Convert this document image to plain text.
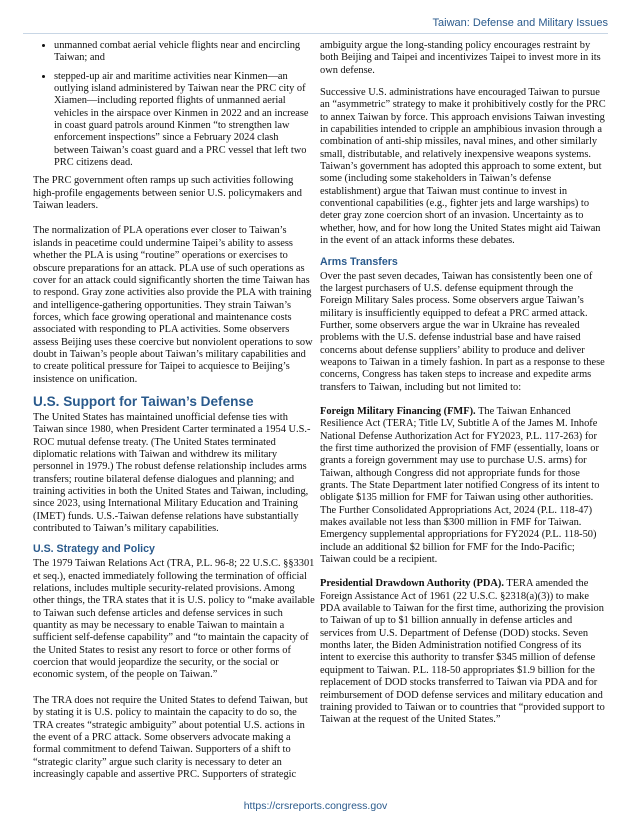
Taiwan: Defense and Military Issues
• unmanned combat aerial vehicle flights near and encircling Taiwan; and
• stepped-up air and maritime activities near Kinmen—an outlying island administered by Taiwan near the PRC city of Xiamen—including reported flights of unmanned aerial vehicles in the airspace over Kinmen in 2022 and an increase in coast guard patrols around Kinmen “to strengthen law enforcement inspections” since a February 2024 clash between Taiwan’s coast guard and a PRC vessel that left two PRC citizens dead.

The PRC government often ramps up such activities following high-profile engagements between senior U.S. policymakers and Taiwan leaders.

The normalization of PLA operations ever closer to Taiwan’s islands in peacetime could undermine Taipei’s ability to assess whether the PLA is using “routine” operations or exercises to obscure preparations for an attack. PLA use of such operations as cover for an attack could significantly shorten the time Taiwan has to respond. Gray zone activities also provide the PLA with training and intelligence-gathering opportunities. They strain Taiwan’s forces, which face growing operational and maintenance costs associated with responding to PLA activities. Some observers assess Beijing uses these coercive but nonviolent operations to sow doubt in Taiwan’s people about Taiwan’s military capabilities and to create political pressure for Taipei to acquiesce to Beijing’s insistence on unification.

U.S. Support for Taiwan’s Defense

The United States has maintained unofficial defense ties with Taiwan since 1980, when President Carter terminated a 1954 U.S.-ROC mutual defense treaty. (The United States terminated diplomatic relations with Taiwan and withdrew its military personnel in 1979.) The robust defense relationship includes arms transfers; routine bilateral defense dialogues and planning; and training activities in both the United States and Taiwan, including, since 2023, using International Military Education and Training (IMET) funds. U.S.-Taiwan defense relations have substantially contributed to Taiwan’s military capabilities.

U.S. Strategy and Policy

The 1979 Taiwan Relations Act (TRA, P.L. 96-8; 22 U.S.C. §§3301 et seq.), enacted immediately following the termination of official relations, includes multiple security-related provisions. Among other things, the TRA states that it is U.S. policy to “make available to Taiwan such defense articles and defense services in such quantity as may be necessary to enable Taiwan to maintain a sufficient self-defense capability” and “to maintain the capacity of the United States to resist any resort to force or other forms of coercion that would jeopardize the security, or the social or economic system, of the people on Taiwan.”

The TRA does not require the United States to defend Taiwan, but by stating it is U.S. policy to maintain the capacity to do so, the TRA creates “strategic ambiguity” about potential U.S. actions in the event of a PRC attack. Some observers advocate making a formal commitment to defend Taiwan. Supporters of a shift to “strategic clarity” argue such clarity is necessary to deter an increasingly capable and assertive PRC. Supporters of strategic

ambiguity argue the long-standing policy encourages restraint by both Beijing and Taipei and incentivizes Taipei to invest more in its own defense.

Successive U.S. administrations have encouraged Taiwan to pursue an “asymmetric” strategy to make it prohibitively costly for the PRC to annex Taiwan by force. This approach envisions Taiwan investing in capabilities intended to cripple an amphibious invasion through a combination of anti-ship missiles, naval mines, and other similarly small, distributable, and relatively inexpensive weapons systems. Taiwan’s government has adopted this approach to some extent, but some (including some stakeholders in Taiwan’s defense establishment) argue that Taiwan must continue to invest in conventional capabilities (e.g., fighter jets and large warships) to deter gray zone coercion short of an invasion. Uncertainty as to whether, how, and for how long the United States might aid Taiwan in the event of an attack informs these debates.

Arms Transfers

Over the past seven decades, Taiwan has consistently been one of the largest purchasers of U.S. defense equipment through the Foreign Military Sales process. Some observers argue Taiwan’s military is insufficiently equipped to defeat a PRC armed attack. Further, some observers argue the war in Ukraine has revealed problems with the U.S. defense industrial base and have raised concerns about defense suppliers’ ability to produce and deliver weapons to Taiwan in a timely fashion. In part as a response to these concerns, Congress has taken steps to increase and expedite arms transfers to Taiwan, including but not limited to:

Foreign Military Financing (FMF). The Taiwan Enhanced Resilience Act (TERA; Title LV, Subtitle A of the James M. Inhofe National Defense Authorization Act for FY2023, P.L. 117-263) for the first time authorized the provision of FMF (essentially, loans or grants a foreign government may use to purchase U.S. arms) for Taiwan, although Congress did not appropriate funds for those grants. The State Department later notified Congress of its intent to obligate $135 million for FMF for Taiwan using other authorities. The Further Consolidated Appropriations Act, 2024 (P.L. 118-47) makes available not less than $300 million in FMF for Taiwan. Emergency supplemental appropriations for FY2024 (P.L. 118-50) include an additional $2 billion for FMF for the Indo-Pacific; Taiwan could be a recipient.

Presidential Drawdown Authority (PDA). TERA amended the Foreign Assistance Act of 1961 (22 U.S.C. §2318(a)(3)) to make PDA available to Taiwan for the first time, authorizing the provision to Taiwan of up to $1 billion annually in defense articles and services from U.S. Department of Defense (DOD) stocks. Seven months later, the Biden Administration notified Congress of its intent to exercise this authority to transfer $345 million of defense equipment to Taiwan. P.L. 118-50 appropriates $1.9 billion for the replacement of DOD stocks transferred to Taiwan via PDA and for reimbursement of DOD defense services and military education and training provided to Taiwan or to countries that “provided support to Taiwan at the request of the United States.”

https://crsreports.congress.gov
